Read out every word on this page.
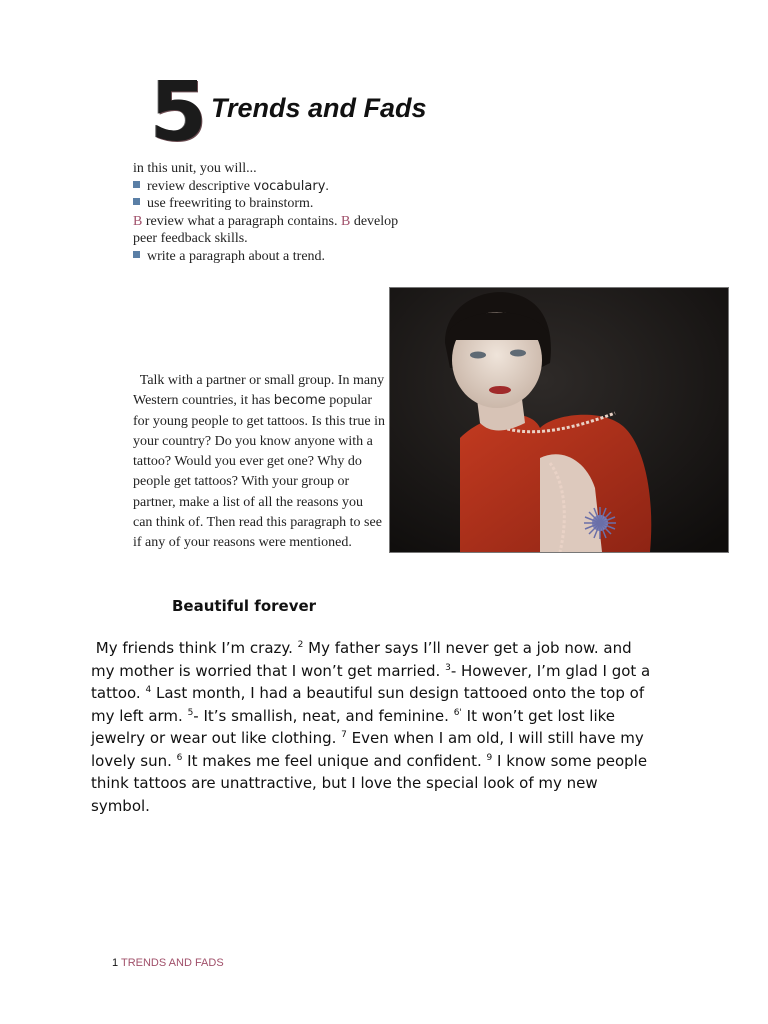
5 Trends and Fads
in this unit, you will...
review descriptive vocabulary.
use freewriting to brainstorm.
B review what a paragraph contains. B develop
peer feedback skills.
write a paragraph about a trend.
Talk with a partner or small group. In many
Western countries, it has become popular
for young people to get tattoos. Is this true in
your country? Do you know anyone with a
tattoo? Would you ever get one? Why do
people get tattoos? With your group or
partner, make a list of all the reasons you
can think of. Then read this paragraph to see
if any of your reasons were mentioned.
Beautiful forever
My friends think I’m crazy. $^2$ My father says I’ll never get a job now. and my mother is worried that I won’t get married. $^3$- However, I’m glad I got a tattoo. $^4$ Last month, I had a beautiful sun design tattooed onto the top of my left arm. $^5$- It’s smallish, neat, and feminine. $^{6'}$ It won’t get lost like jewelry or wear out like clothing. $^7$ Even when I am old, I will still have my lovely sun. $^6$ It makes me feel unique and confident. $^9$ I know some people think tattoos are unattractive, but I love the special look of my new symbol.
1 TRENDS AND FADS
